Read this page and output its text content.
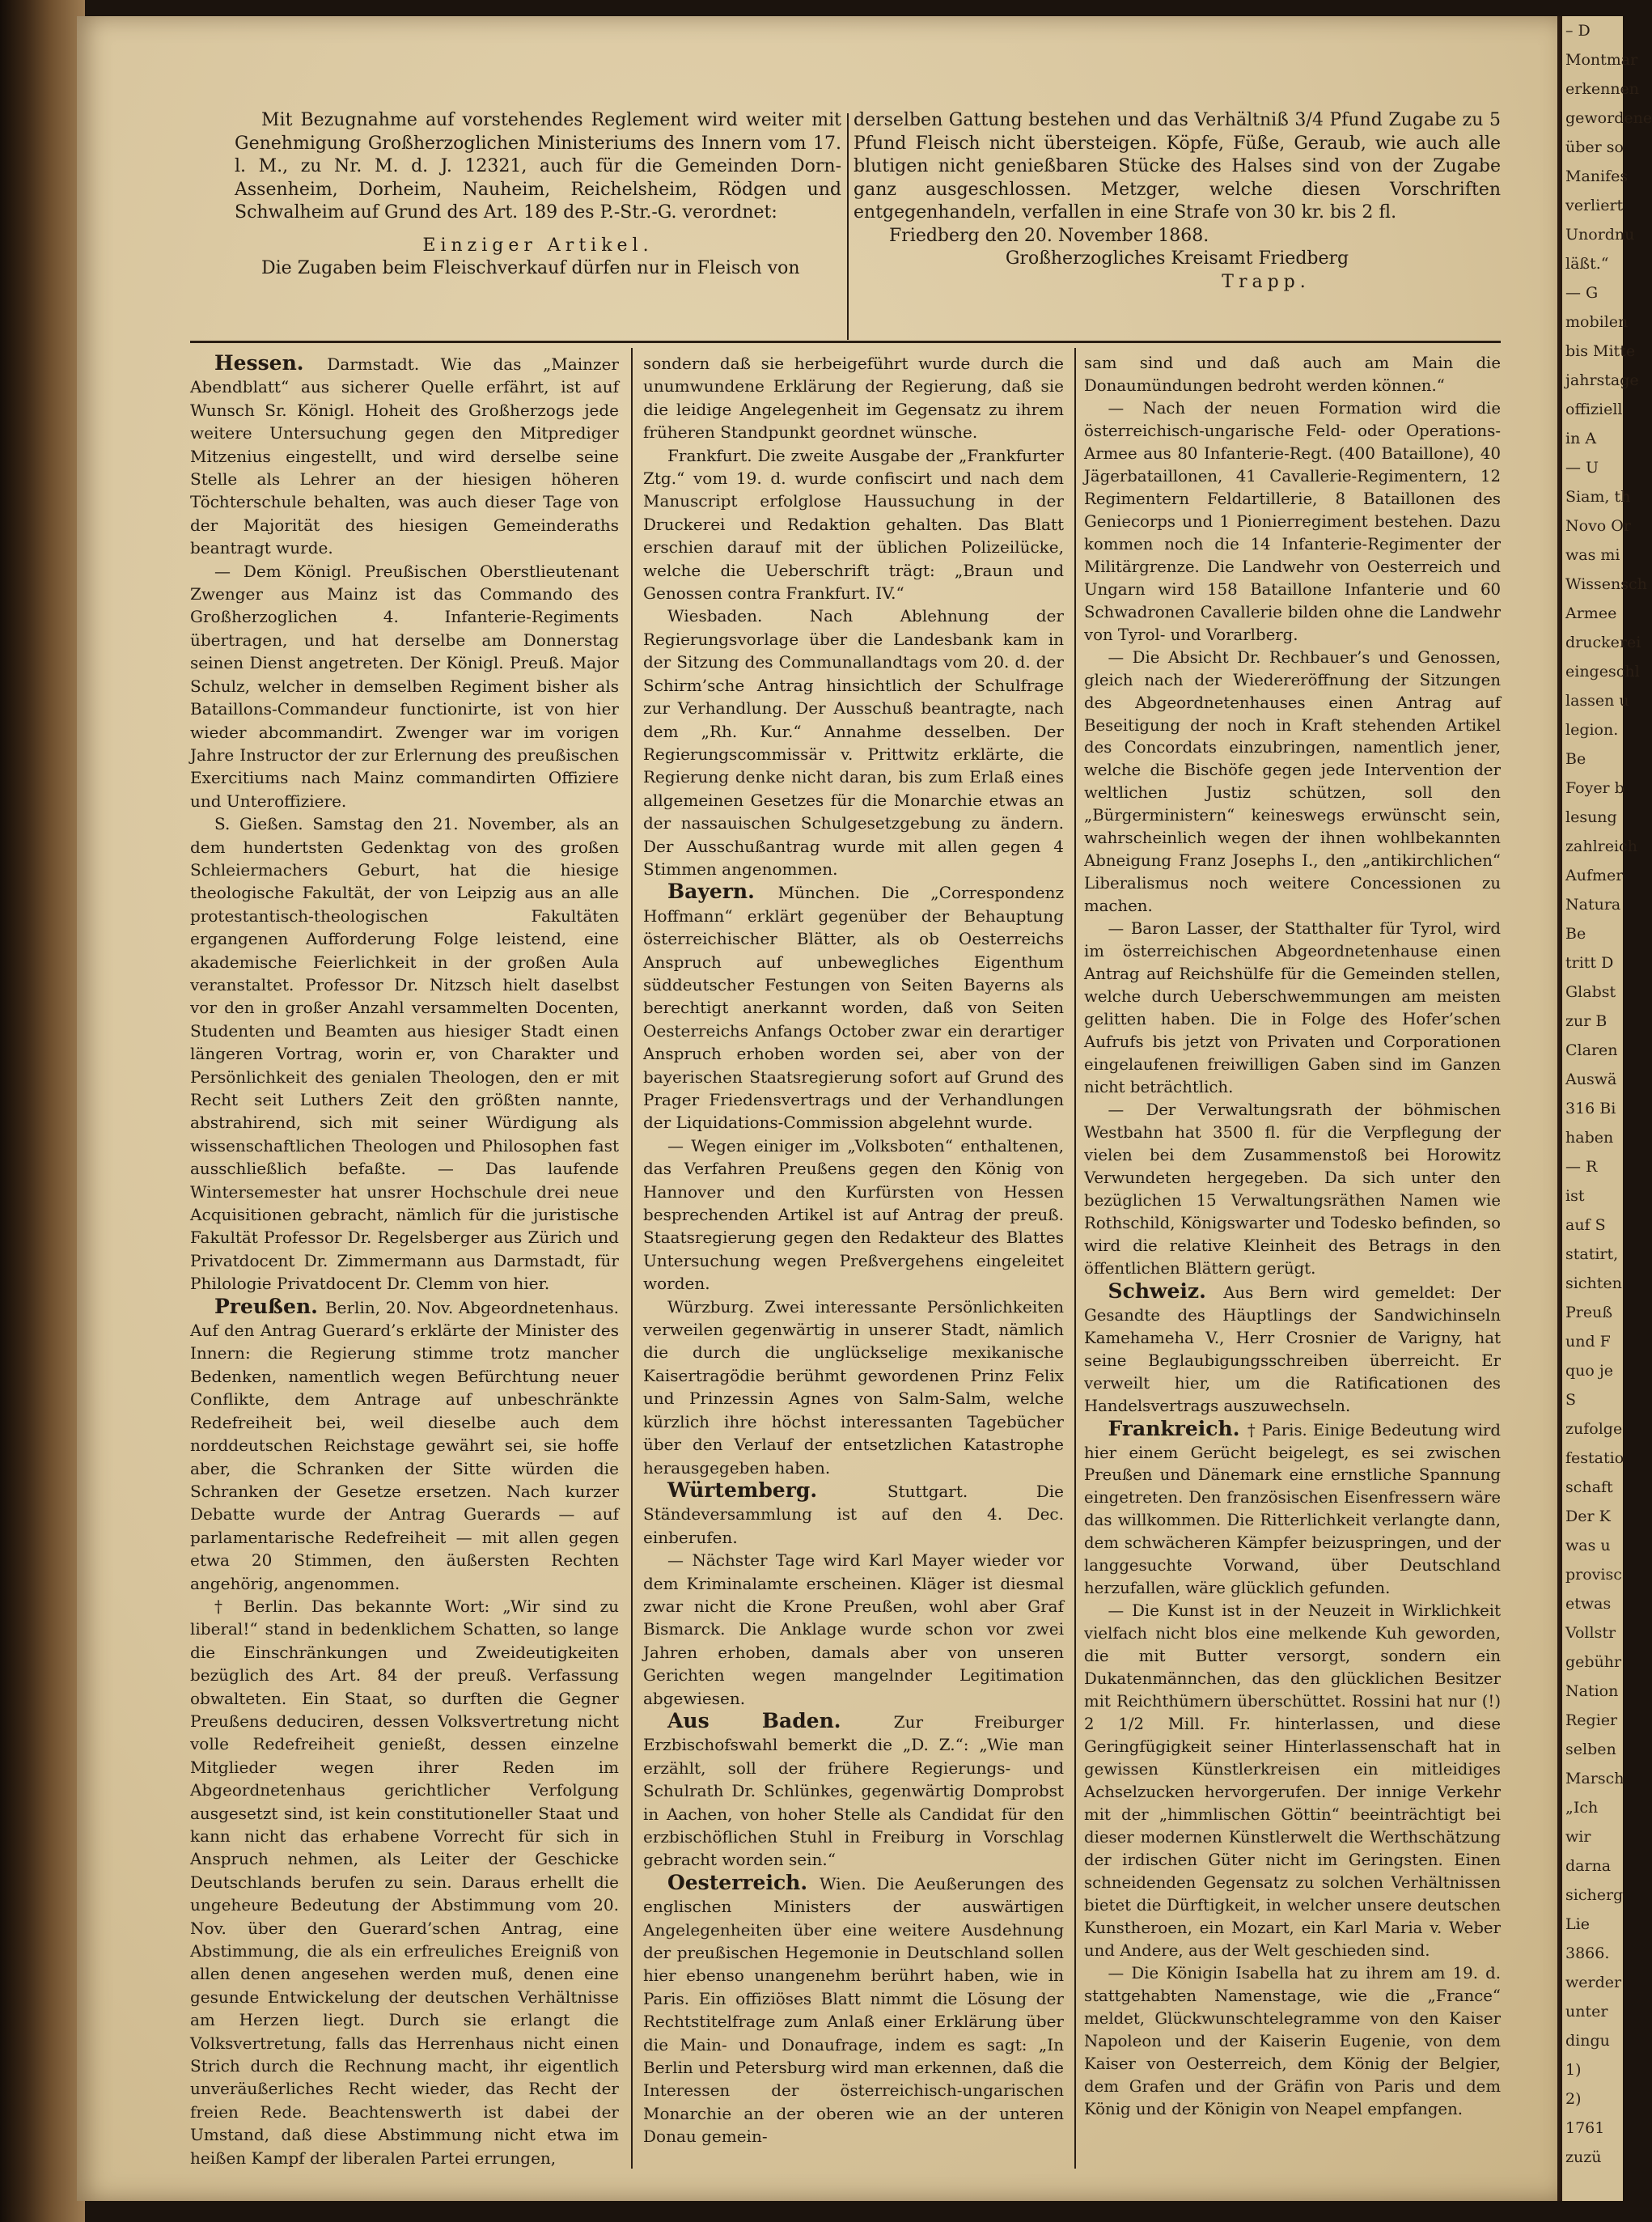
Mit Bezugnahme auf vorstehendes Reglement wird weiter mit Genehmigung Großherzoglichen Ministeriums des Innern vom 17. l. M., zu Nr. M. d. J. 12321, auch für die Gemeinden Dorn-Assenheim, Dorheim, Nauheim, Reichelsheim, Rödgen und Schwalheim auf Grund des Art. 189 des P.-Str.-G. verordnet:
Einziger Artikel.
Die Zugaben beim Fleischverkauf dürfen nur in Fleisch von
derselben Gattung bestehen und das Verhältniß 3/4 Pfund Zugabe zu 5 Pfund Fleisch nicht übersteigen. Köpfe, Füße, Geraub, wie auch alle blutigen nicht genießbaren Stücke des Halses sind von der Zugabe ganz ausgeschlossen. Metzger, welche diesen Vorschriften entgegenhandeln, verfallen in eine Strafe von 30 kr. bis 2 fl.
Friedberg den 20. November 1868.
Großherzogliches Kreisamt Friedberg
Trapp.

Hessen. Darmstadt. Wie das „Mainzer Abendblatt“ aus sicherer Quelle erfährt, ist auf Wunsch Sr. Königl. Hoheit des Großherzogs jede weitere Untersuchung gegen den Mitprediger Mitzenius eingestellt, und wird derselbe seine Stelle als Lehrer an der hiesigen höheren Töchterschule behalten, was auch dieser Tage von der Majorität des hiesigen Gemeinderaths beantragt wurde.

— Dem Königl. Preußischen Oberstlieutenant Zwenger aus Mainz ist das Commando des Großherzoglichen 4. Infanterie-Regiments übertragen, und hat derselbe am Donnerstag seinen Dienst angetreten. Der Königl. Preuß. Major Schulz, welcher in demselben Regiment bisher als Bataillons-Commandeur functionirte, ist von hier wieder abcommandirt. Zwenger war im vorigen Jahre Instructor der zur Erlernung des preußischen Exercitiums nach Mainz commandirten Offiziere und Unteroffiziere.

S. Gießen. Samstag den 21. November, als an dem hundertsten Gedenktag von des großen Schleiermachers Geburt, hat die hiesige theologische Fakultät, der von Leipzig aus an alle protestantisch-theologischen Fakultäten ergangenen Aufforderung Folge leistend, eine akademische Feierlichkeit in der großen Aula veranstaltet. Professor Dr. Nitzsch hielt daselbst vor den in großer Anzahl versammelten Docenten, Studenten und Beamten aus hiesiger Stadt einen längeren Vortrag, worin er, von Charakter und Persönlichkeit des genialen Theologen, den er mit Recht seit Luthers Zeit den größten nannte, abstrahirend, sich mit seiner Würdigung als wissenschaftlichen Theologen und Philosophen fast ausschließlich befaßte. — Das laufende Wintersemester hat unsrer Hochschule drei neue Acquisitionen gebracht, nämlich für die juristische Fakultät Professor Dr. Regelsberger aus Zürich und Privatdocent Dr. Zimmermann aus Darmstadt, für Philologie Privatdocent Dr. Clemm von hier.

Preußen. Berlin, 20. Nov. Abgeordnetenhaus. Auf den Antrag Guerard’s erklärte der Minister des Innern: die Regierung stimme trotz mancher Bedenken, namentlich wegen Befürchtung neuer Conflikte, dem Antrage auf unbeschränkte Redefreiheit bei, weil dieselbe auch dem norddeutschen Reichstage gewährt sei, sie hoffe aber, die Schranken der Sitte würden die Schranken der Gesetze ersetzen. Nach kurzer Debatte wurde der Antrag Guerards — auf parlamentarische Redefreiheit — mit allen gegen etwa 20 Stimmen, den äußersten Rechten angehörig, angenommen.

† Berlin. Das bekannte Wort: „Wir sind zu liberal!“ stand in bedenklichem Schatten, so lange die Einschränkungen und Zweideutigkeiten bezüglich des Art. 84 der preuß. Verfassung obwalteten. Ein Staat, so durften die Gegner Preußens deduciren, dessen Volksvertretung nicht volle Redefreiheit genießt, dessen einzelne Mitglieder wegen ihrer Reden im Abgeordnetenhaus gerichtlicher Verfolgung ausgesetzt sind, ist kein constitutioneller Staat und kann nicht das erhabene Vorrecht für sich in Anspruch nehmen, als Leiter der Geschicke Deutschlands berufen zu sein. Daraus erhellt die ungeheure Bedeutung der Abstimmung vom 20. Nov. über den Guerard’schen Antrag, eine Abstimmung, die als ein erfreuliches Ereigniß von allen denen angesehen werden muß, denen eine gesunde Entwickelung der deutschen Verhältnisse am Herzen liegt. Durch sie erlangt die Volksvertretung, falls das Herrenhaus nicht einen Strich durch die Rechnung macht, ihr eigentlich unveräußerliches Recht wieder, das Recht der freien Rede. Beachtenswerth ist dabei der Umstand, daß diese Abstimmung nicht etwa im heißen Kampf der liberalen Partei errungen,

sondern daß sie herbeigeführt wurde durch die unumwundene Erklärung der Regierung, daß sie die leidige Angelegenheit im Gegensatz zu ihrem früheren Standpunkt geordnet wünsche.

Frankfurt. Die zweite Ausgabe der „Frankfurter Ztg.“ vom 19. d. wurde confiscirt und nach dem Manuscript erfolglose Haussuchung in der Druckerei und Redaktion gehalten. Das Blatt erschien darauf mit der üblichen Polizeilücke, welche die Ueberschrift trägt: „Braun und Genossen contra Frankfurt. IV.“

Wiesbaden. Nach Ablehnung der Regierungsvorlage über die Landesbank kam in der Sitzung des Communallandtags vom 20. d. der Schirm’sche Antrag hinsichtlich der Schulfrage zur Verhandlung. Der Ausschuß beantragte, nach dem „Rh. Kur.“ Annahme desselben. Der Regierungscommissär v. Prittwitz erklärte, die Regierung denke nicht daran, bis zum Erlaß eines allgemeinen Gesetzes für die Monarchie etwas an der nassauischen Schulgesetzgebung zu ändern. Der Ausschußantrag wurde mit allen gegen 4 Stimmen angenommen.

Bayern. München. Die „Correspondenz Hoffmann“ erklärt gegenüber der Behauptung österreichischer Blätter, als ob Oesterreichs Anspruch auf unbewegliches Eigenthum süddeutscher Festungen von Seiten Bayerns als berechtigt anerkannt worden, daß von Seiten Oesterreichs Anfangs October zwar ein derartiger Anspruch erhoben worden sei, aber von der bayerischen Staatsregierung sofort auf Grund des Prager Friedensvertrags und der Verhandlungen der Liquidations-Commission abgelehnt wurde.

— Wegen einiger im „Volksboten“ enthaltenen, das Verfahren Preußens gegen den König von Hannover und den Kurfürsten von Hessen besprechenden Artikel ist auf Antrag der preuß. Staatsregierung gegen den Redakteur des Blattes Untersuchung wegen Preßvergehens eingeleitet worden.

Würzburg. Zwei interessante Persönlichkeiten verweilen gegenwärtig in unserer Stadt, nämlich die durch die unglückselige mexikanische Kaisertragödie berühmt gewordenen Prinz Felix und Prinzessin Agnes von Salm-Salm, welche kürzlich ihre höchst interessanten Tagebücher über den Verlauf der entsetzlichen Katastrophe herausgegeben haben.

Würtemberg. Stuttgart. Die Ständeversammlung ist auf den 4. Dec. einberufen.

— Nächster Tage wird Karl Mayer wieder vor dem Kriminalamte erscheinen. Kläger ist diesmal zwar nicht die Krone Preußen, wohl aber Graf Bismarck. Die Anklage wurde schon vor zwei Jahren erhoben, damals aber von unseren Gerichten wegen mangelnder Legitimation abgewiesen.

Aus Baden. Zur Freiburger Erzbischofswahl bemerkt die „D. Z.“: „Wie man erzählt, soll der frühere Regierungs- und Schulrath Dr. Schlünkes, gegenwärtig Domprobst in Aachen, von hoher Stelle als Candidat für den erzbischöflichen Stuhl in Freiburg in Vorschlag gebracht worden sein.“

Oesterreich. Wien. Die Aeußerungen des englischen Ministers der auswärtigen Angelegenheiten über eine weitere Ausdehnung der preußischen Hegemonie in Deutschland sollen hier ebenso unangenehm berührt haben, wie in Paris. Ein offiziöses Blatt nimmt die Lösung der Rechtstitelfrage zum Anlaß einer Erklärung über die Main- und Donaufrage, indem es sagt: „In Berlin und Petersburg wird man erkennen, daß die Interessen der österreichisch-ungarischen Monarchie an der oberen wie an der unteren Donau gemein-

sam sind und daß auch am Main die Donaumündungen bedroht werden können.“

— Nach der neuen Formation wird die österreichisch-ungarische Feld- oder Operations-Armee aus 80 Infanterie-Regt. (400 Bataillone), 40 Jägerbataillonen, 41 Cavallerie-Regimentern, 12 Regimentern Feldartillerie, 8 Bataillonen des Geniecorps und 1 Pionierregiment bestehen. Dazu kommen noch die 14 Infanterie-Regimenter der Militärgrenze. Die Landwehr von Oesterreich und Ungarn wird 158 Bataillone Infanterie und 60 Schwadronen Cavallerie bilden ohne die Landwehr von Tyrol- und Vorarlberg.

— Die Absicht Dr. Rechbauer’s und Genossen, gleich nach der Wiedereröffnung der Sitzungen des Abgeordnetenhauses einen Antrag auf Beseitigung der noch in Kraft stehenden Artikel des Concordats einzubringen, namentlich jener, welche die Bischöfe gegen jede Intervention der weltlichen Justiz schützen, soll den „Bürgerministern“ keineswegs erwünscht sein, wahrscheinlich wegen der ihnen wohlbekannten Abneigung Franz Josephs I., den „antikirchlichen“ Liberalismus noch weitere Concessionen zu machen.

— Baron Lasser, der Statthalter für Tyrol, wird im österreichischen Abgeordnetenhause einen Antrag auf Reichshülfe für die Gemeinden stellen, welche durch Ueberschwemmungen am meisten gelitten haben. Die in Folge des Hofer’schen Aufrufs bis jetzt von Privaten und Corporationen eingelaufenen freiwilligen Gaben sind im Ganzen nicht beträchtlich.

— Der Verwaltungsrath der böhmischen Westbahn hat 3500 fl. für die Verpflegung der vielen bei dem Zusammenstoß bei Horowitz Verwundeten hergegeben. Da sich unter den bezüglichen 15 Verwaltungsräthen Namen wie Rothschild, Königswarter und Todesko befinden, so wird die relative Kleinheit des Betrags in den öffentlichen Blättern gerügt.

Schweiz. Aus Bern wird gemeldet: Der Gesandte des Häuptlings der Sandwichinseln Kamehameha V., Herr Crosnier de Varigny, hat seine Beglaubigungsschreiben überreicht. Er verweilt hier, um die Ratificationen des Handelsvertrags auszuwechseln.

Frankreich. † Paris. Einige Bedeutung wird hier einem Gerücht beigelegt, es sei zwischen Preußen und Dänemark eine ernstliche Spannung eingetreten. Den französischen Eisenfressern wäre das willkommen. Die Ritterlichkeit verlangte dann, dem schwächeren Kämpfer beizuspringen, und der langgesuchte Vorwand, über Deutschland herzufallen, wäre glücklich gefunden.

— Die Kunst ist in der Neuzeit in Wirklichkeit vielfach nicht blos eine melkende Kuh geworden, die mit Butter versorgt, sondern ein Dukatenmännchen, das den glücklichen Besitzer mit Reichthümern überschüttet. Rossini hat nur (!) 2 1/2 Mill. Fr. hinterlassen, und diese Geringfügigkeit seiner Hinterlassenschaft hat in gewissen Künstlerkreisen ein mitleidiges Achselzucken hervorgerufen. Der innige Verkehr mit der „himmlischen Göttin“ beeinträchtigt bei dieser modernen Künstlerwelt die Werthschätzung der irdischen Güter nicht im Geringsten. Einen schneidenden Gegensatz zu solchen Verhältnissen bietet die Dürftigkeit, in welcher unsere deutschen Kunstheroen, ein Mozart, ein Karl Maria v. Weber und Andere, aus der Welt geschieden sind.

— Die Königin Isabella hat zu ihrem am 19. d. stattgehabten Namenstage, wie die „France“ meldet, Glückwunschtelegramme von den Kaiser Napoleon und der Kaiserin Eugenie, von dem Kaiser von Oesterreich, dem König der Belgier, dem Grafen und der Gräfin von Paris und dem König und der Königin von Neapel empfangen.

– D
Montmar
erkennen
gewordene
über so
Manifes
verliert
Unordnu
läßt.“
— G
mobilen
bis Mitte
jahrstage
offiziell
in A
— U
Siam, th
Novo Or
was mi
Wissensch
Armee
druckerei
eingeschl
lassen u
legion.
Be
Foyer b
lesung
zahlreich
Aufmer
Natura
Be
tritt D
Glabst
zur B
Claren
Auswä
316 Bi
haben
— R
ist
auf S
statirt,
sichten
Preuß
und F
quo je
S
zufolge
festatio
schaft
Der K
was u
provisc
etwas
Vollstr
gebühr
Nation
Regier
selben
Marsch
„Ich
wir
darna
sicherg
Lie
3866.
werder
unter
dingu
1)
2)
1761
zuzü
